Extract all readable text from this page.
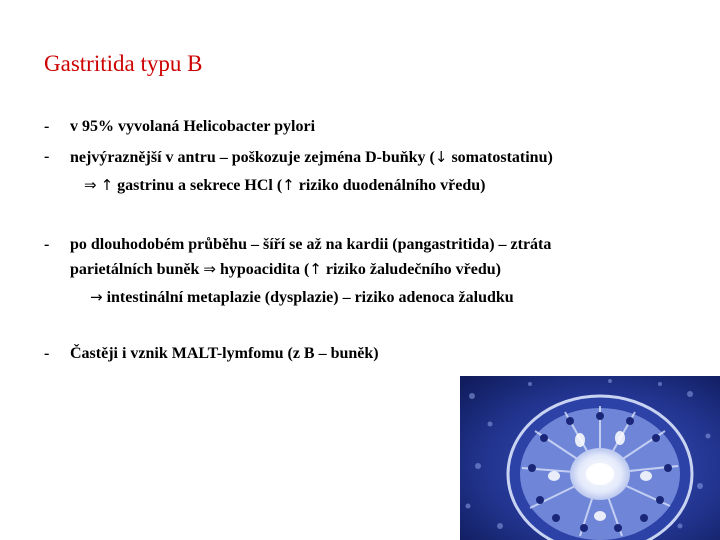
Gastritida typu B
-	v 95% vyvolaná Helicobacter pylori
-	nejvýraznější v antru – poškozuje zejména D-buňky (↓ somatostatinu)
⇒ ↑ gastrinu a sekrece HCl (↑ riziko duodenálního vředu)
-	po dlouhodobém průběhu – šíří se až na kardii (pangastritida) – ztráta
parietálních buněk ⇒ hypoacidita (↑ riziko žaludečního vředu)
→ intestinální metaplazie (dysplazie) – riziko adenoca žaludku
-	Častěji i vznik MALT-lymfomu (z B – buněk)
